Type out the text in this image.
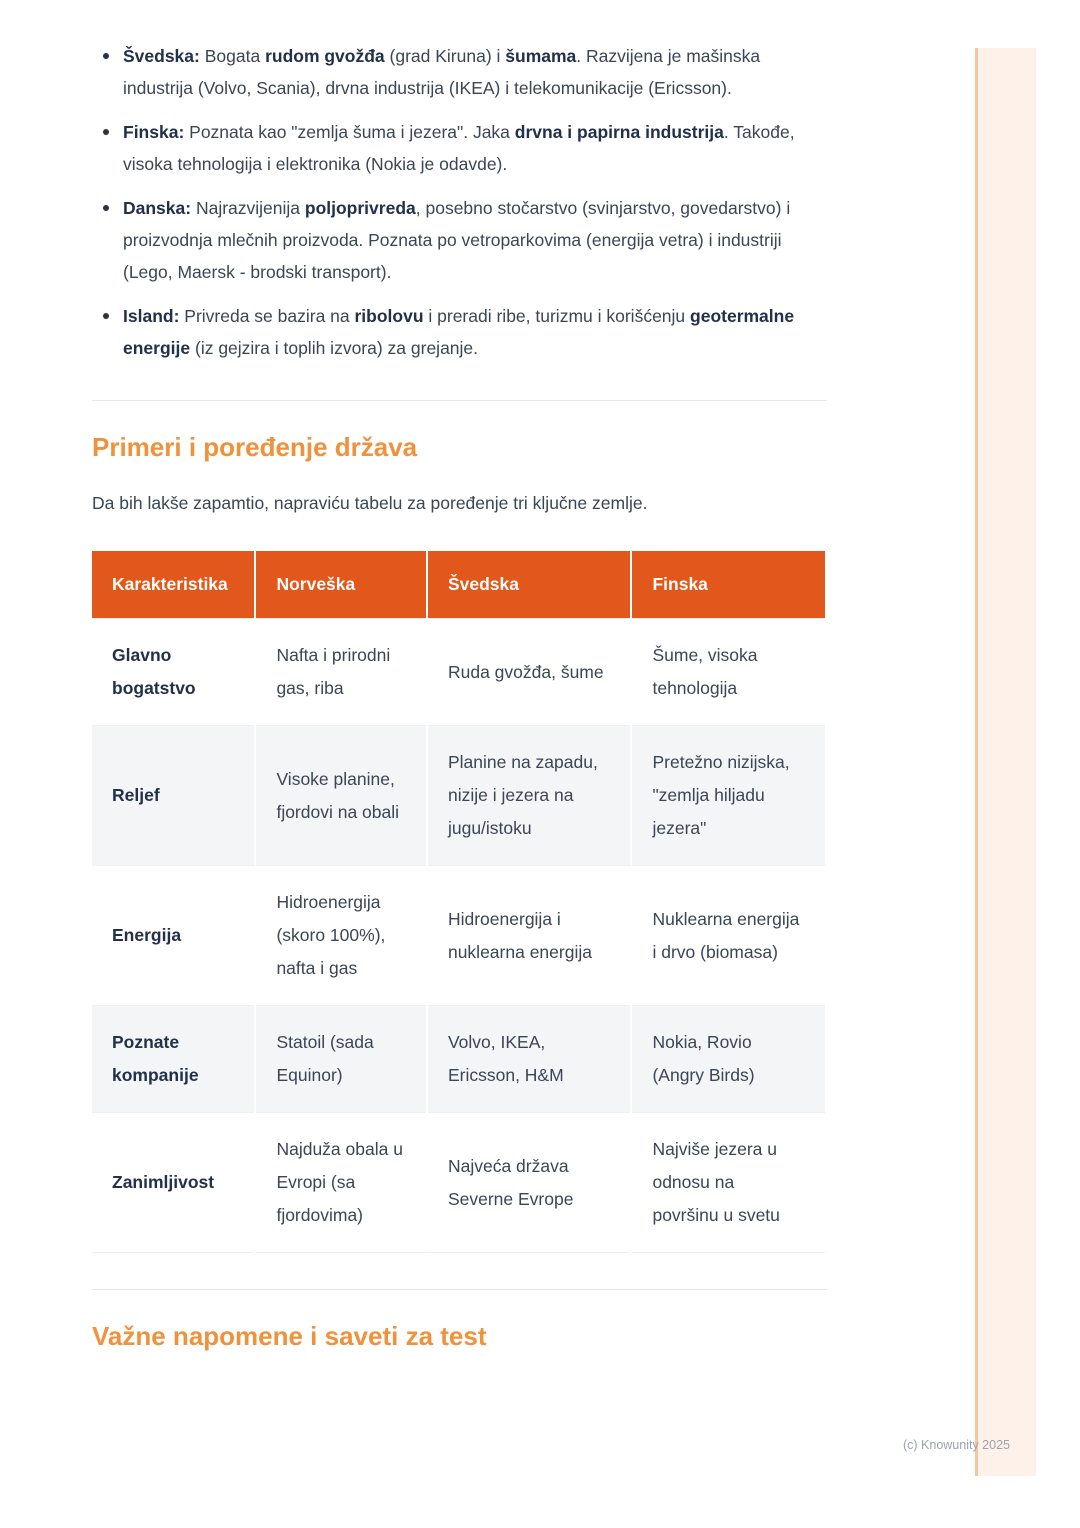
Švedska: Bogata rudom gvožđa (grad Kiruna) i šumama. Razvijena je mašinska industrija (Volvo, Scania), drvna industrija (IKEA) i telekomunikacije (Ericsson).
Finska: Poznata kao "zemlja šuma i jezera". Jaka drvna i papirna industrija. Takođe, visoka tehnologija i elektronika (Nokia je odavde).
Danska: Najrazvijenija poljoprivreda, posebno stočarstvo (svinjarstvo, govedarstvo) i proizvodnja mlečnih proizvoda. Poznata po vetroparkovima (energija vetra) i industriji (Lego, Maersk - brodski transport).
Island: Privreda se bazira na ribolovu i preradi ribe, turizmu i korišćenju geotermalne energije (iz gejzira i toplih izvora) za grejanje.
Primeri i poređenje država

Da bih lakše zapamtio, napraviću tabelu za poređenje tri ključne zemlje.

Karakteristika	Norveška	Švedska	Finska
Glavno bogatstvo	Nafta i prirodni gas, riba	Ruda gvožđa, šume	Šume, visoka tehnologija
Reljef	Visoke planine, fjordovi na obali	Planine na zapadu, nizije i jezera na jugu/istoku	Pretežno nizijska, "zemlja hiljadu jezera"
Energija	Hidroenergija (skoro 100%), nafta i gas	Hidroenergija i nuklearna energija	Nuklearna energija i drvo (biomasa)
Poznate kompanije	Statoil (sada Equinor)	Volvo, IKEA, Ericsson, H&M	Nokia, Rovio (Angry Birds)
Zanimljivost	Najduža obala u Evropi (sa fjordovima)	Najveća država Severne Evrope	Najviše jezera u odnosu na površinu u svetu
Važne napomene i saveti za test
(c) Knowunity 2025
